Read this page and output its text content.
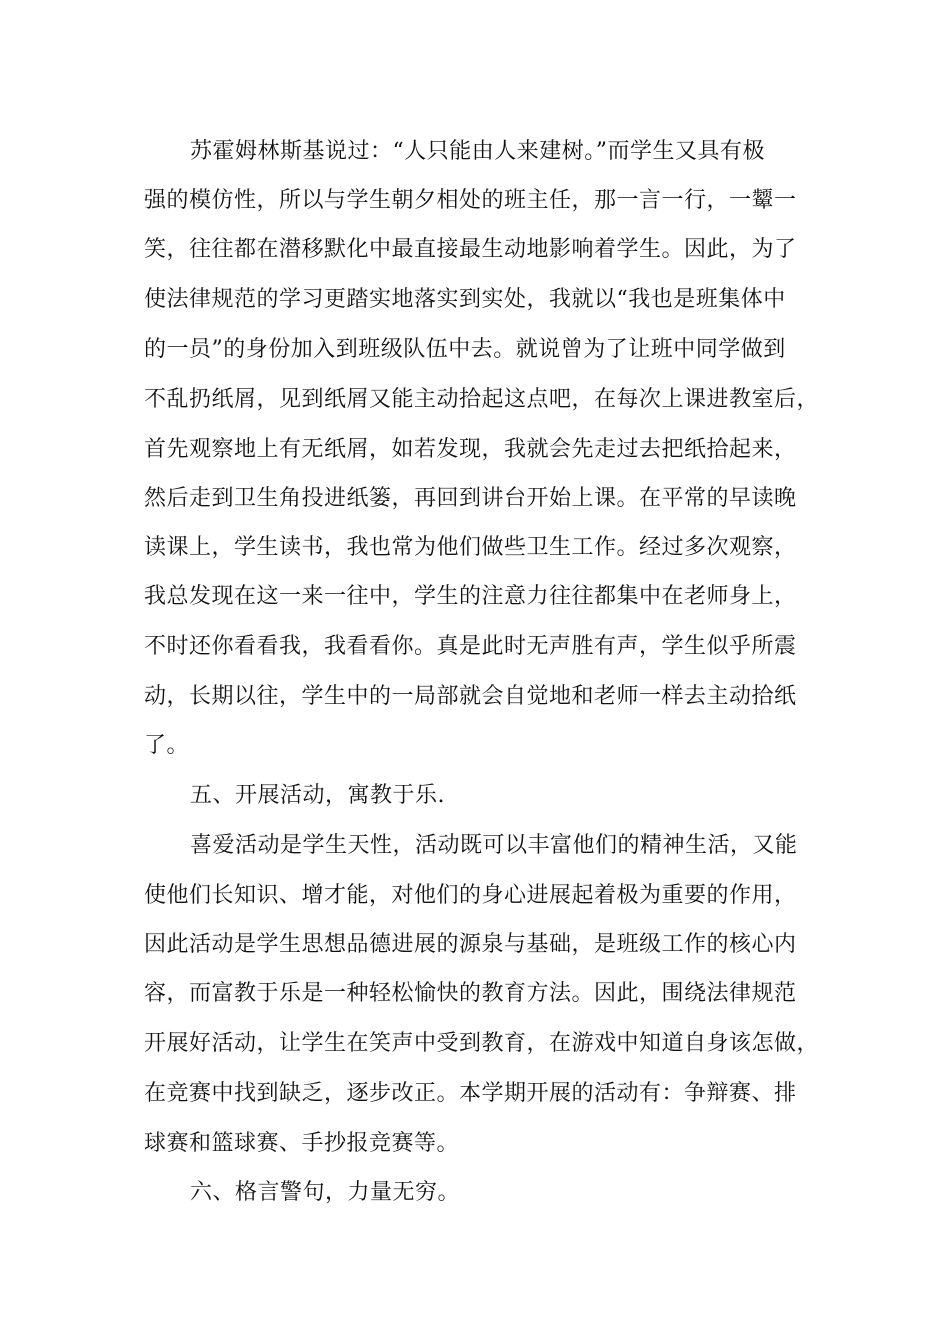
苏霍姆林斯基说过：“人只能由人来建树。”而学生又具有极
强的模仿性，所以与学生朝夕相处的班主任，那一言一行，一颦一
笑，往往都在潜移默化中最直接最生动地影响着学生。因此，为了
使法律规范的学习更踏实地落实到实处，我就以“我也是班集体中
的一员”的身份加入到班级队伍中去。就说曾为了让班中同学做到
不乱扔纸屑，见到纸屑又能主动拾起这点吧，在每次上课进教室后，
首先观察地上有无纸屑，如若发现，我就会先走过去把纸拾起来，
然后走到卫生角投进纸篓，再回到讲台开始上课。在平常的早读晚
读课上，学生读书，我也常为他们做些卫生工作。经过多次观察，
我总发现在这一来一往中，学生的注意力往往都集中在老师身上，
不时还你看看我，我看看你。真是此时无声胜有声，学生似乎所震
动，长期以往，学生中的一局部就会自觉地和老师一样去主动拾纸
了。
五、开展活动，寓教于乐.
喜爱活动是学生天性，活动既可以丰富他们的精神生活，又能
使他们长知识、增才能，对他们的身心进展起着极为重要的作用，
因此活动是学生思想品德进展的源泉与基础，是班级工作的核心内
容，而富教于乐是一种轻松愉快的教育方法。因此，围绕法律规范
开展好活动，让学生在笑声中受到教育，在游戏中知道自身该怎做，
在竞赛中找到缺乏，逐步改正。本学期开展的活动有：争辩赛、排
球赛和篮球赛、手抄报竞赛等。
六、格言警句，力量无穷。
